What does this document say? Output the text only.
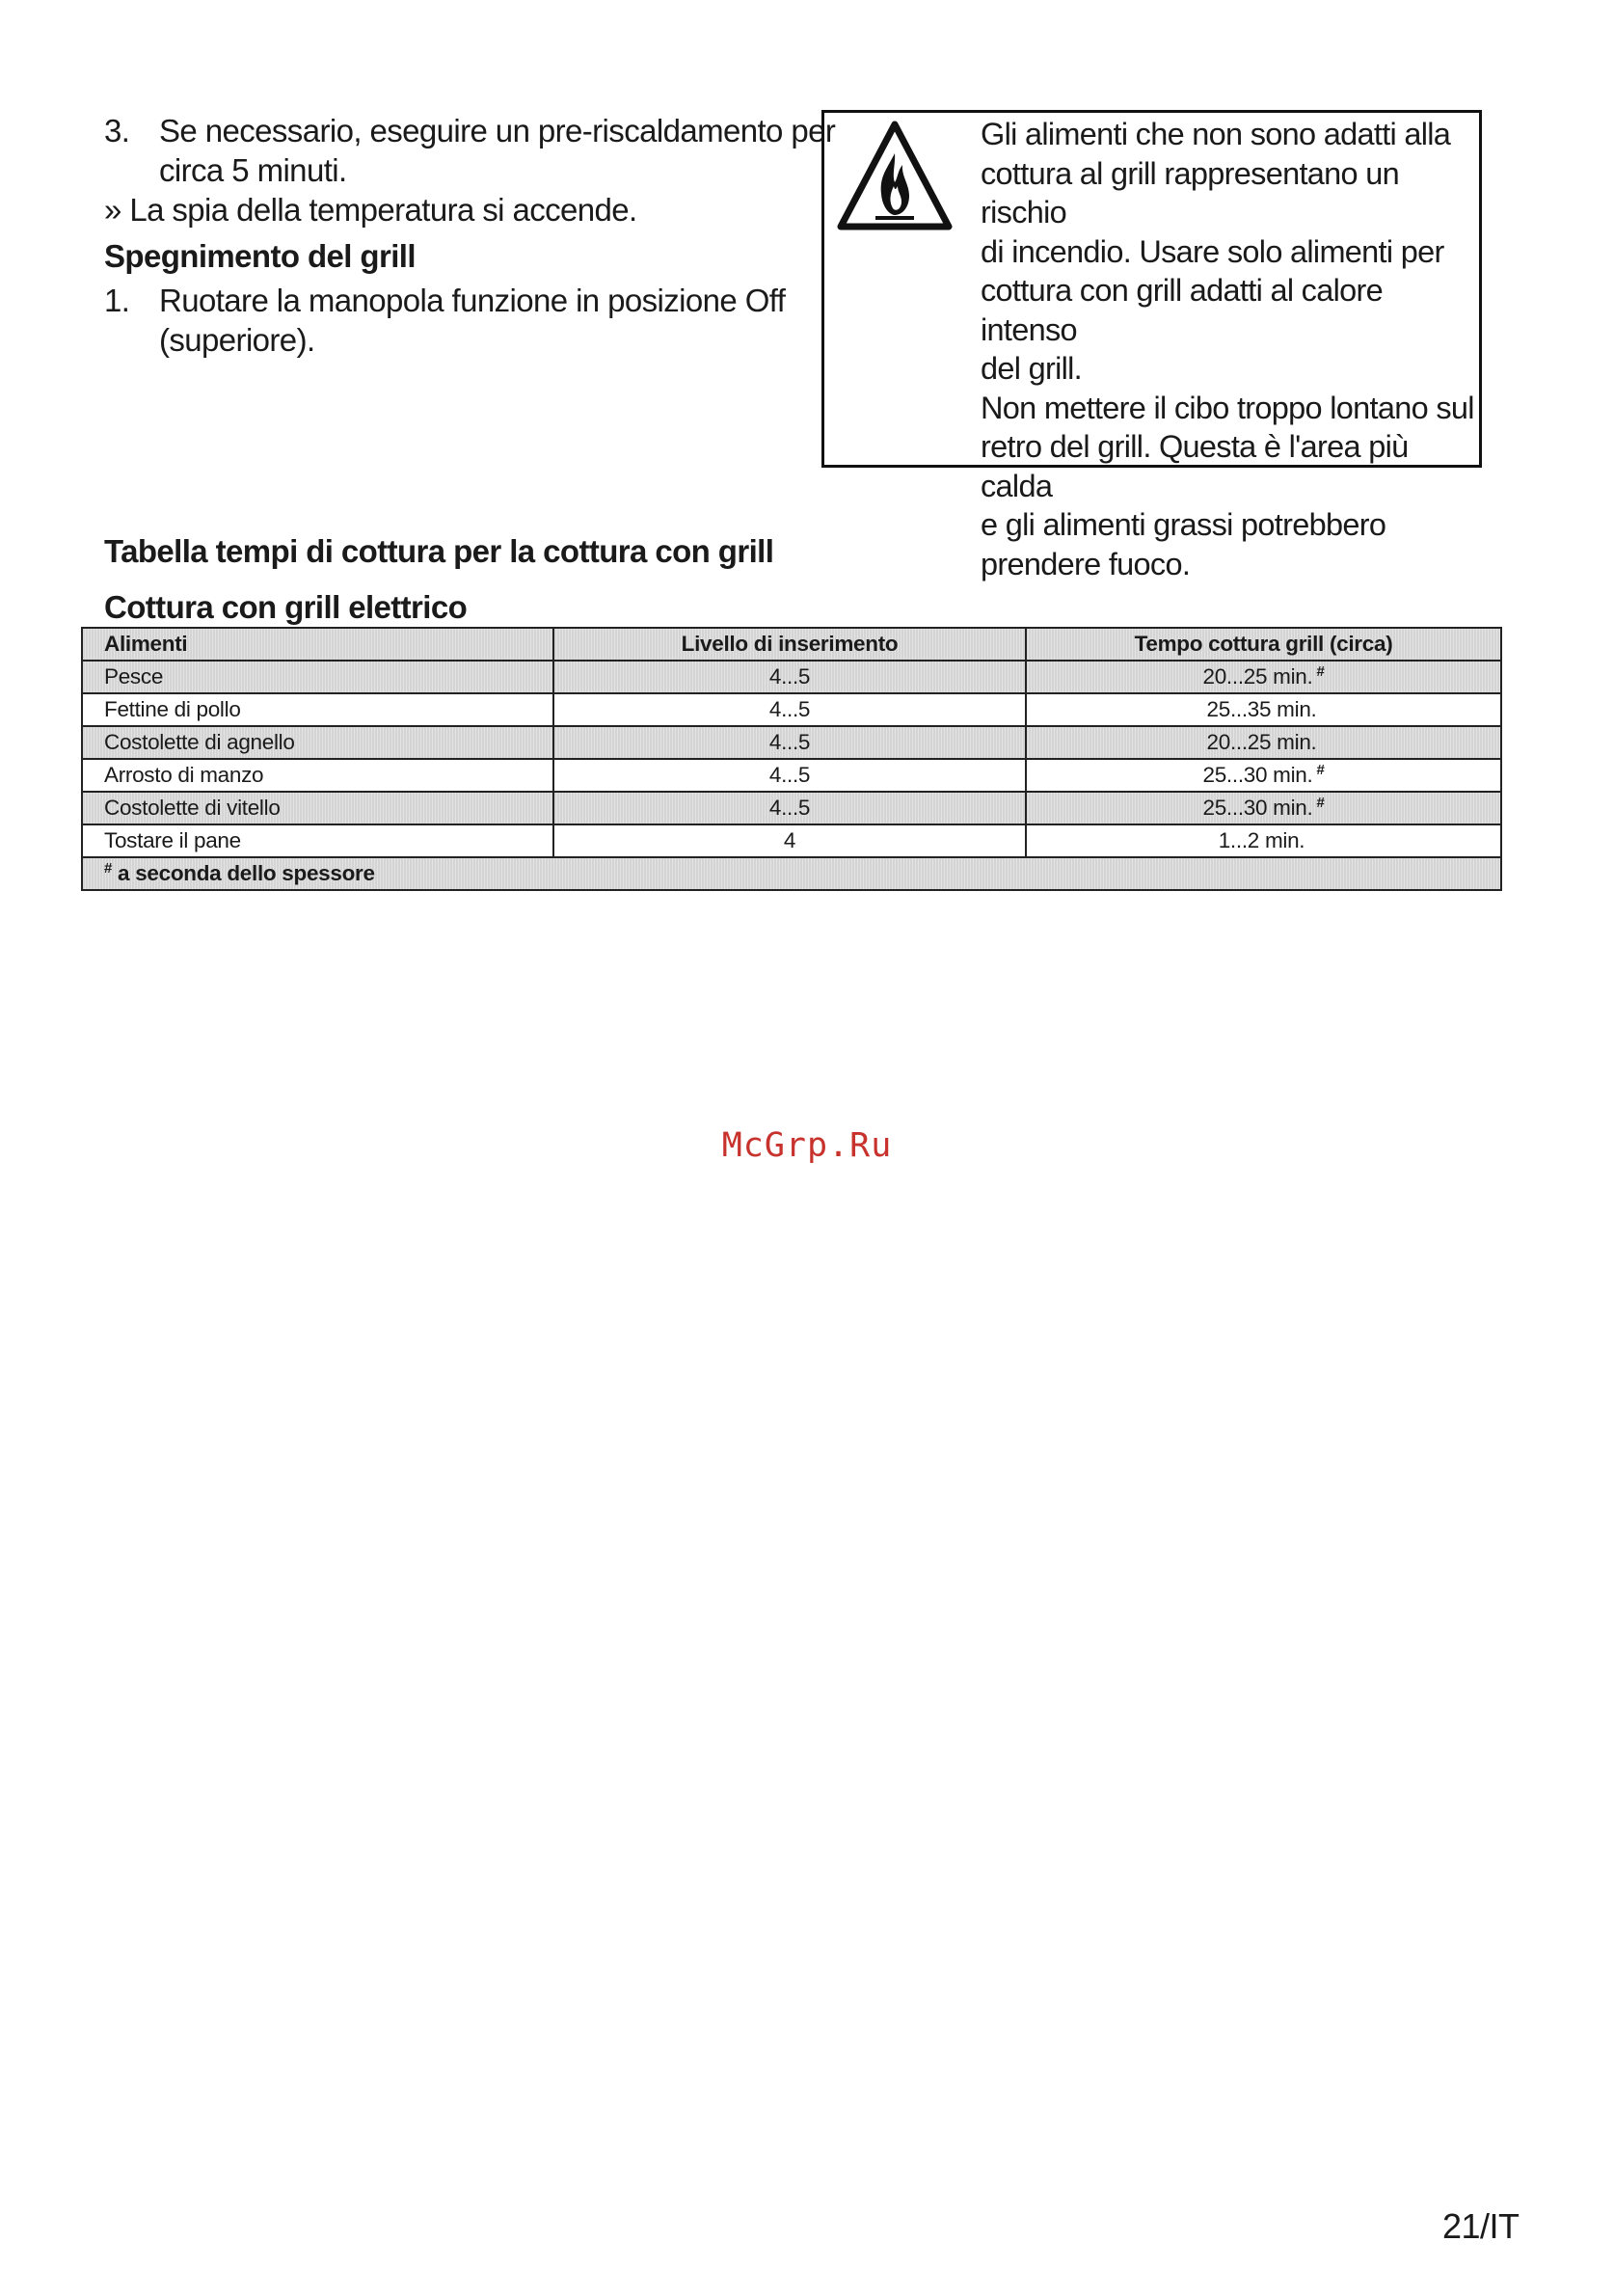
3. Se necessario, eseguire un pre-riscaldamento per
circa 5 minuti.
» La spia della temperatura si accende.
Spegnimento del grill
1. Ruotare la manopola funzione in posizione Off
(superiore).

Gli alimenti che non sono adatti alla
cottura al grill rappresentano un rischio
di incendio. Usare solo alimenti per
cottura con grill adatti al calore intenso
del grill.

Non mettere il cibo troppo lontano sul
retro del grill. Questa è l'area più calda
e gli alimenti grassi potrebbero
prendere fuoco.

Tabella tempi di cottura per la cottura con grill
Cottura con grill elettrico
Alimenti	Livello di inserimento	Tempo cottura grill (circa)
Pesce	4...5	20...25 min. #
Fettine di pollo	4...5	25...35 min.
Costolette di agnello	4...5	20...25 min.
Arrosto di manzo	4...5	25...30 min. #
Costolette di vitello	4...5	25...30 min. #
Tostare il pane	4	1...2 min.
# a seconda dello spessore		
McGrp.Ru
21/IT
